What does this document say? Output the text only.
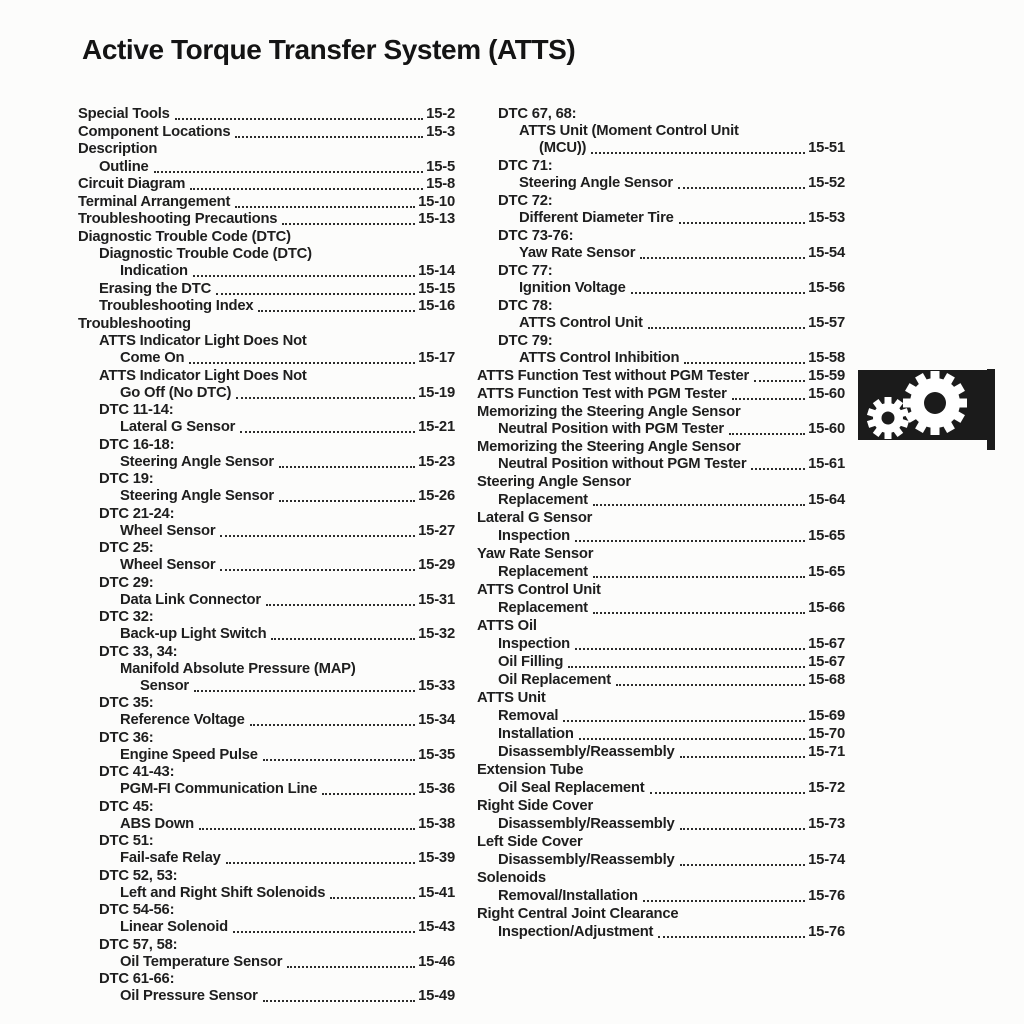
Active Torque Transfer System (ATTS)
Special Tools	15-2
Component Locations	15-3
Description
Outline	15-5
Circuit Diagram	15-8
Terminal Arrangement	15-10
Troubleshooting Precautions	15-13
Diagnostic Trouble Code (DTC)
Diagnostic Trouble Code (DTC)
Indication	15-14
Erasing the DTC	15-15
Troubleshooting Index	15-16
Troubleshooting
ATTS Indicator Light Does Not
Come On	15-17
ATTS Indicator Light Does Not
Go Off (No DTC)	15-19
DTC 11-14:
Lateral G Sensor	15-21
DTC 16-18:
Steering Angle Sensor	15-23
DTC 19:
Steering Angle Sensor	15-26
DTC 21-24:
Wheel Sensor	15-27
DTC 25:
Wheel Sensor	15-29
DTC 29:
Data Link Connector	15-31
DTC 32:
Back-up Light Switch	15-32
DTC 33, 34:
Manifold Absolute Pressure (MAP)
Sensor	15-33
DTC 35:
Reference Voltage	15-34
DTC 36:
Engine Speed Pulse	15-35
DTC 41-43:
PGM-FI Communication Line	15-36
DTC 45:
ABS Down	15-38
DTC 51:
Fail-safe Relay	15-39
DTC 52, 53:
Left and Right Shift Solenoids	15-41
DTC 54-56:
Linear Solenoid	15-43
DTC 57, 58:
Oil Temperature Sensor	15-46
DTC 61-66:
Oil Pressure Sensor	15-49
DTC 67, 68:
ATTS Unit (Moment Control Unit
(MCU))	15-51
DTC 71:
Steering Angle Sensor	15-52
DTC 72:
Different Diameter Tire	15-53
DTC 73-76:
Yaw Rate Sensor	15-54
DTC 77:
Ignition Voltage	15-56
DTC 78:
ATTS Control Unit	15-57
DTC 79:
ATTS Control Inhibition	15-58
ATTS Function Test without PGM Tester	15-59
ATTS Function Test with PGM Tester	15-60
Memorizing the Steering Angle Sensor
Neutral Position with PGM Tester	15-60
Memorizing the Steering Angle Sensor
Neutral Position without PGM Tester	15-61
Steering Angle Sensor
Replacement	15-64
Lateral G Sensor
Inspection	15-65
Yaw Rate Sensor
Replacement	15-65
ATTS Control Unit
Replacement	15-66
ATTS Oil
Inspection	15-67
Oil Filling	15-67
Oil Replacement	15-68
ATTS Unit
Removal	15-69
Installation	15-70
Disassembly/Reassembly	15-71
Extension Tube
Oil Seal Replacement	15-72
Right Side Cover
Disassembly/Reassembly	15-73
Left Side Cover
Disassembly/Reassembly	15-74
Solenoids
Removal/Installation	15-76
Right Central Joint Clearance
Inspection/Adjustment	15-76
